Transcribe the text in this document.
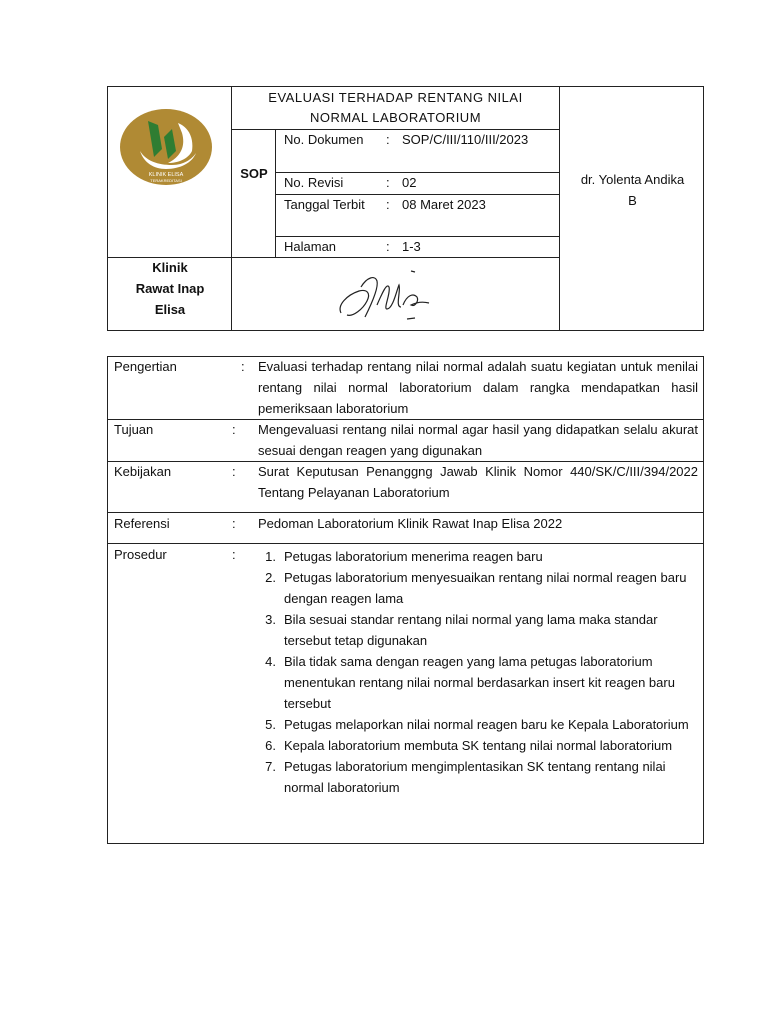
KLINIK ELISA
TERAKREDITASI
EVALUASI TERHADAP RENTANG NILAI
NORMAL LABORATORIUM
SOP
No. Dokumen	: SOP/C/III/110/III/2023
No. Revisi	: 02
Tanggal Terbit	: 08 Maret 2023
Halaman	: 1-3
dr. Yolenta Andika
B
Klinik
Rawat Inap
Elisa
Pengertian	:	Evaluasi terhadap rentang nilai normal adalah suatu kegiatan untuk menilai rentang nilai normal laboratorium dalam rangka mendapatkan hasil pemeriksaan laboratorium
Tujuan	:	Mengevaluasi rentang nilai normal agar hasil yang didapatkan selalu akurat sesuai dengan reagen yang digunakan
Kebijakan	:	Surat Keputusan Penanggng Jawab Klinik Nomor 440/SK/C/III/394/2022 Tentang Pelayanan Laboratorium
Referensi	:	Pedoman Laboratorium Klinik Rawat Inap Elisa 2022
Prosedur	:	1. Petugas laboratorium menerima reagen baru
2. Petugas laboratorium menyesuaikan rentang nilai normal reagen baru dengan reagen lama
3. Bila sesuai standar rentang nilai normal yang lama maka standar tersebut tetap digunakan
4. Bila tidak sama dengan reagen yang lama petugas laboratorium menentukan rentang nilai normal berdasarkan insert kit reagen baru tersebut
5. Petugas melaporkan nilai normal reagen baru ke Kepala Laboratorium
6. Kepala laboratorium membuta SK tentang nilai normal laboratorium
7. Petugas laboratorium mengimplentasikan SK tentang rentang nilai normal laboratorium
